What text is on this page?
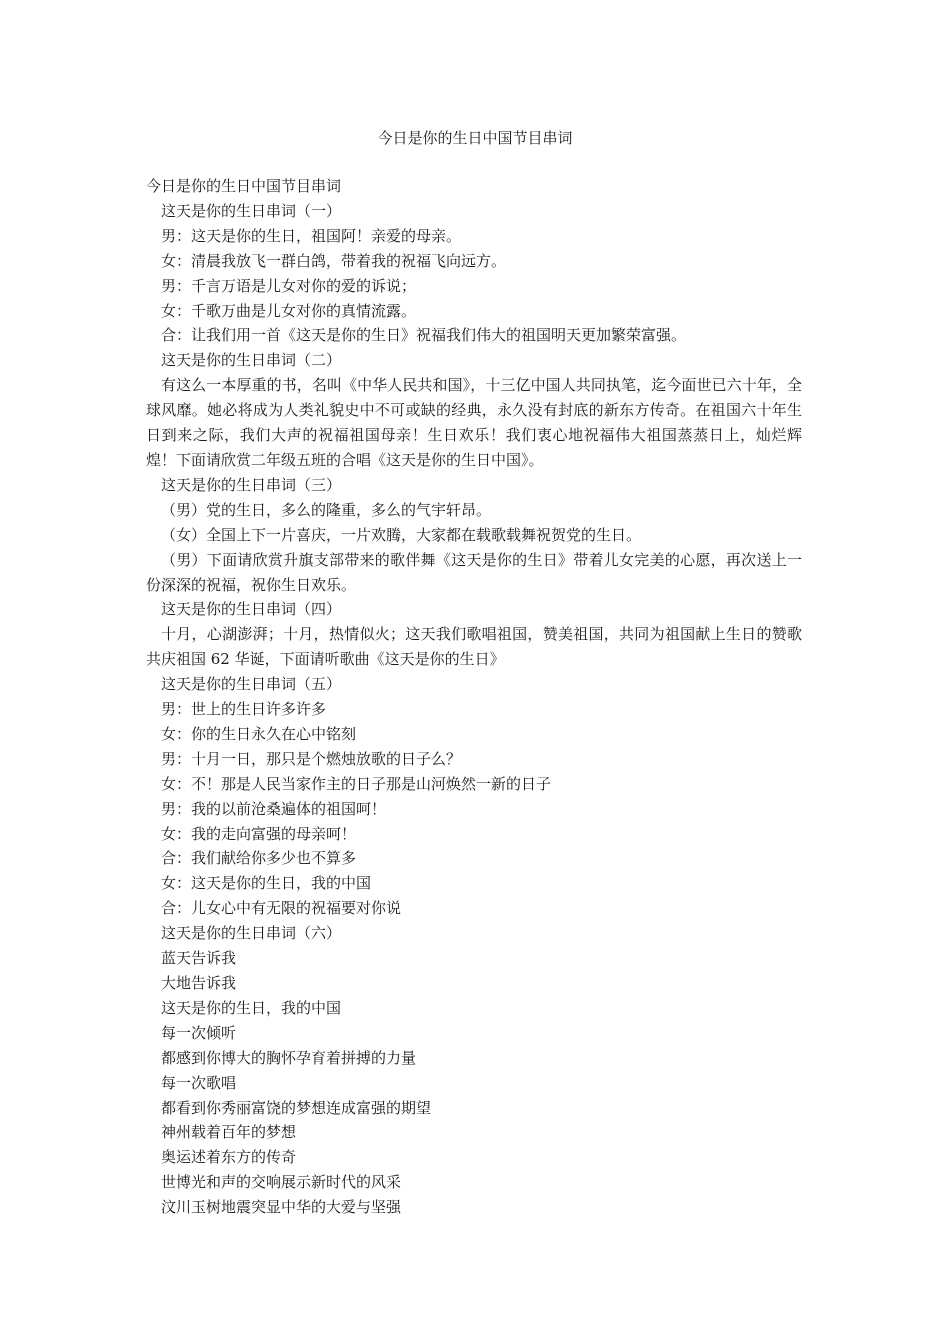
今日是你的生日中国节目串词

今日是你的生日中国节目串词

这天是你的生日串词（一）

男：这天是你的生日，祖国阿！亲爱的母亲。

女：清晨我放飞一群白鸽，带着我的祝福飞向远方。

男：千言万语是儿女对你的爱的诉说；

女：千歌万曲是儿女对你的真情流露。

合：让我们用一首《这天是你的生日》祝福我们伟大的祖国明天更加繁荣富强。

这天是你的生日串词（二）

有这么一本厚重的书，名叫《中华人民共和国》，十三亿中国人共同执笔，迄今面世已六十年，全球风靡。她必将成为人类礼貌史中不可或缺的经典，永久没有封底的新东方传奇。在祖国六十年生日到来之际，我们大声的祝福祖国母亲！生日欢乐！我们衷心地祝福伟大祖国蒸蒸日上，灿烂辉煌！下面请欣赏二年级五班的合唱《这天是你的生日中国》。

这天是你的生日串词（三）

（男）党的生日，多么的隆重，多么的气宇轩昂。

（女）全国上下一片喜庆，一片欢腾，大家都在载歌载舞祝贺党的生日。

（男）下面请欣赏升旗支部带来的歌伴舞《这天是你的生日》带着儿女完美的心愿，再次送上一份深深的祝福，祝你生日欢乐。

这天是你的生日串词（四）

十月，心湖澎湃；十月，热情似火；这天我们歌唱祖国，赞美祖国，共同为祖国献上生日的赞歌共庆祖国 62 华诞，下面请听歌曲《这天是你的生日》

这天是你的生日串词（五）

男：世上的生日许多许多

女：你的生日永久在心中铭刻

男：十月一日，那只是个燃烛放歌的日子么？

女：不！那是人民当家作主的日子那是山河焕然一新的日子

男：我的以前沧桑遍体的祖国呵！

女：我的走向富强的母亲呵！

合：我们献给你多少也不算多

女：这天是你的生日，我的中国

合：儿女心中有无限的祝福要对你说

这天是你的生日串词（六）

蓝天告诉我

大地告诉我

这天是你的生日，我的中国

每一次倾听

都感到你博大的胸怀孕育着拼搏的力量

每一次歌唱

都看到你秀丽富饶的梦想连成富强的期望

神州载着百年的梦想

奥运述着东方的传奇

世博光和声的交响展示新时代的风采

汶川玉树地震突显中华的大爱与坚强
